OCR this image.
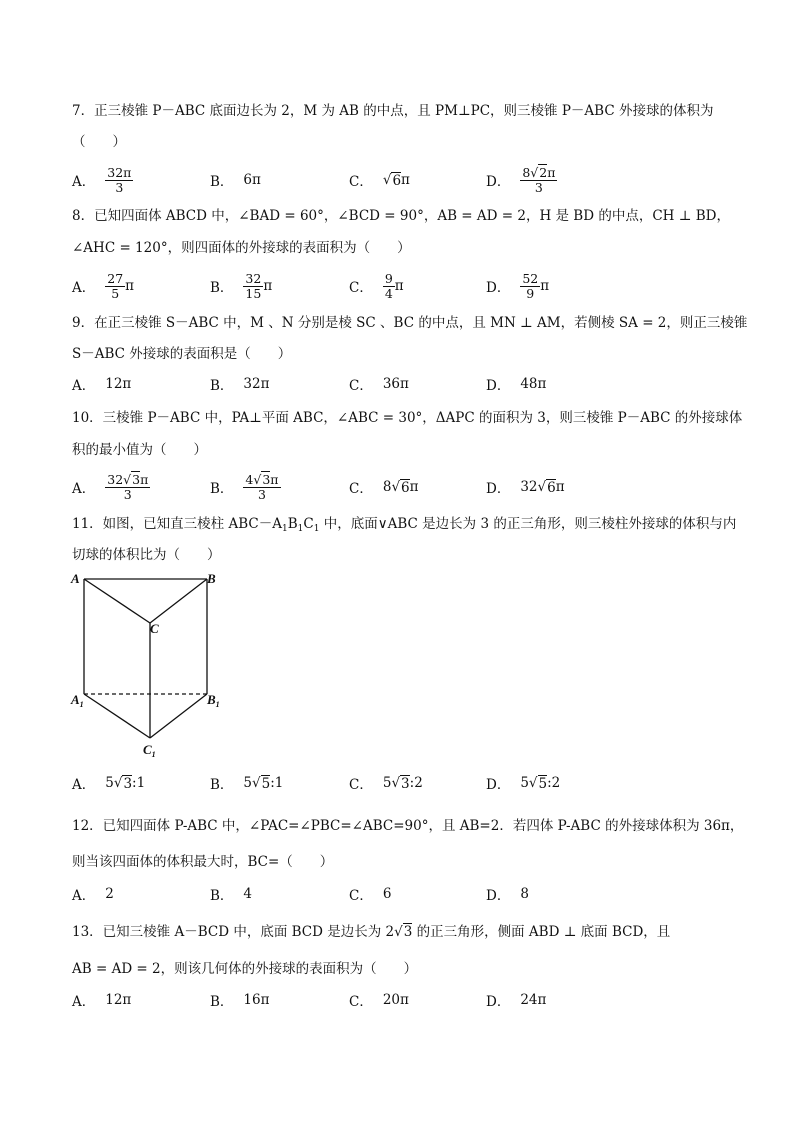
7．正三棱锥 P－ABC 底面边长为 2，M 为 AB 的中点，且 PM⊥PC，则三棱锥 P－ABC 外接球的体积为
（　　）
A． $\frac{32\pi}{3}$	B． 6π	C． √ 6 π	D． $\frac{8√2\pi}{3}$
8．已知四面体 ABCD 中，∠BAD = 60°，∠BCD = 90°，AB = AD = 2，H 是 BD 的中点，CH ⊥ BD，
∠AHC = 120°，则四面体的外接球的表面积为（　　）
A． $\frac{27}{5}$ π	B． $\frac{32}{15}$ π	C． $\frac{9}{4}$ π	D． $\frac{52}{9}$ π
9．在正三棱锥 S－ABC 中，M 、N 分别是棱 SC 、BC 的中点，且 MN ⊥ AM，若侧棱 SA = 2，则正三棱锥
S－ABC 外接球的表面积是（　　）
A． 12π	B． 32π	C． 36π	D． 48π
10．三棱锥 P－ABC 中，PA⊥平面 ABC，∠ABC = 30°，ΔAPC 的面积为 3，则三棱锥 P－ABC 的外接球体
积的最小值为（　　）
A． $\frac{32√3\pi}{3}$	B． $\frac{4√3\pi}{3}$	C． 8 √ 6 π	D． 32 √ 6 π
11．如图，已知直三棱柱 $ABC-A_1B_1C_1$ 中，底面∨ABC 是边长为 3 的正三角形，则三棱柱外接球的体积与内
切球的体积比为（　　）
A	B
C
$A_1$	$B_1$
$C_1$
A． 5 √ 3 :1	B． 5 √ 5 :1	C． 5 √ 3 :2	D． 5 √ 5 :2
12．已知四面体 P-ABC 中，∠PAC=∠PBC=∠ABC=90°，且 AB=2．若四体 P-ABC 的外接球体积为 36π，
则当该四面体的体积最大时，BC=（　　）
A． 2	B． 4	C． 6	D． 8
13．已知三棱锥 A－BCD 中，底面 BCD 是边长为 2√3 的正三角形，侧面 ABD ⊥ 底面 BCD，且
AB = AD = 2，则该几何体的外接球的表面积为（　　）
A． 12π	B． 16π	C． 20π	D． 24π
